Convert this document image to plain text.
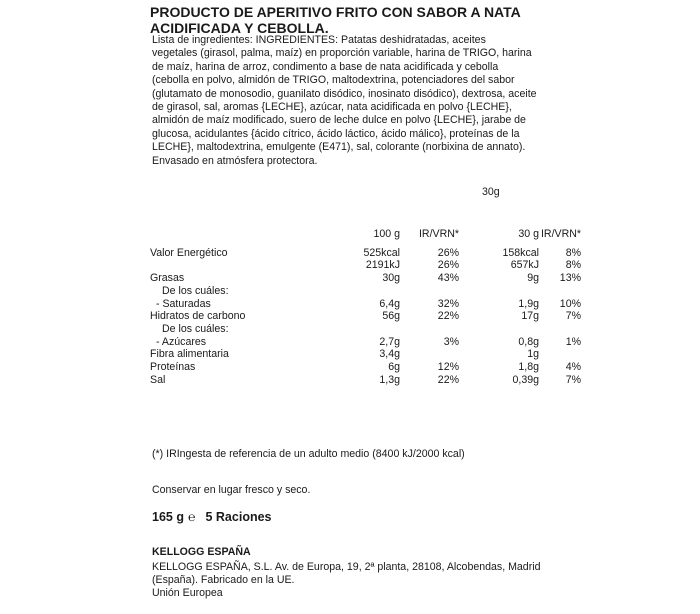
PRODUCTO DE APERITIVO FRITO CON SABOR A NATA ACIDIFICADA Y CEBOLLA.

Lista de ingredientes: INGREDIENTES: Patatas deshidratadas, aceites

vegetales (girasol, palma, maíz) en proporción variable, harina de TRIGO, harina

de maíz, harina de arroz, condimento a base de nata acidificada y cebolla

(cebolla en polvo, almidón de TRIGO, maltodextrina, potenciadores del sabor

(glutamato de monosodio, guanilato disódico, inosinato disódico), dextrosa, aceite

de girasol, sal, aromas {LECHE}, azúcar, nata acidificada en polvo {LECHE},

almidón de maíz modificado, suero de leche dulce en polvo {LECHE}, jarabe de

glucosa, acidulantes {ácido cítrico, ácido láctico, ácido málico}, proteínas de la

LECHE}, maltodextrina, emulgente (E471), sal, colorante (norbixina de annato).

Envasado en atmósfera protectora.

30g
	100 g	IR/VRN*	30 g	IR/VRN*

Valor Energético	525kcal	26%	158kcal	8%
	2191kJ	26%	657kJ	8%
Grasas	30g	43%	9g	13%
De los cuáles:				
- Saturadas	6,4g	32%	1,9g	10%
Hidratos de carbono	56g	22%	17g	7%
De los cuáles:				
- Azúcares	2,7g	3%	0,8g	1%
Fibra alimentaria	3,4g		1g	
Proteínas	6g	12%	1,8g	4%
Sal	1,3g	22%	0,39g	7%
(*) IRIngesta de referencia de un adulto medio (8400 kJ/2000 kcal)
Conservar en lugar fresco y seco.
165 g ℮ 5 Raciones
KELLOGG ESPAÑA
KELLOGG ESPAÑA, S.L. Av. de Europa, 19, 2ª planta, 28108, Alcobendas, Madrid
(España). Fabricado en la UE.
Unión Europea
